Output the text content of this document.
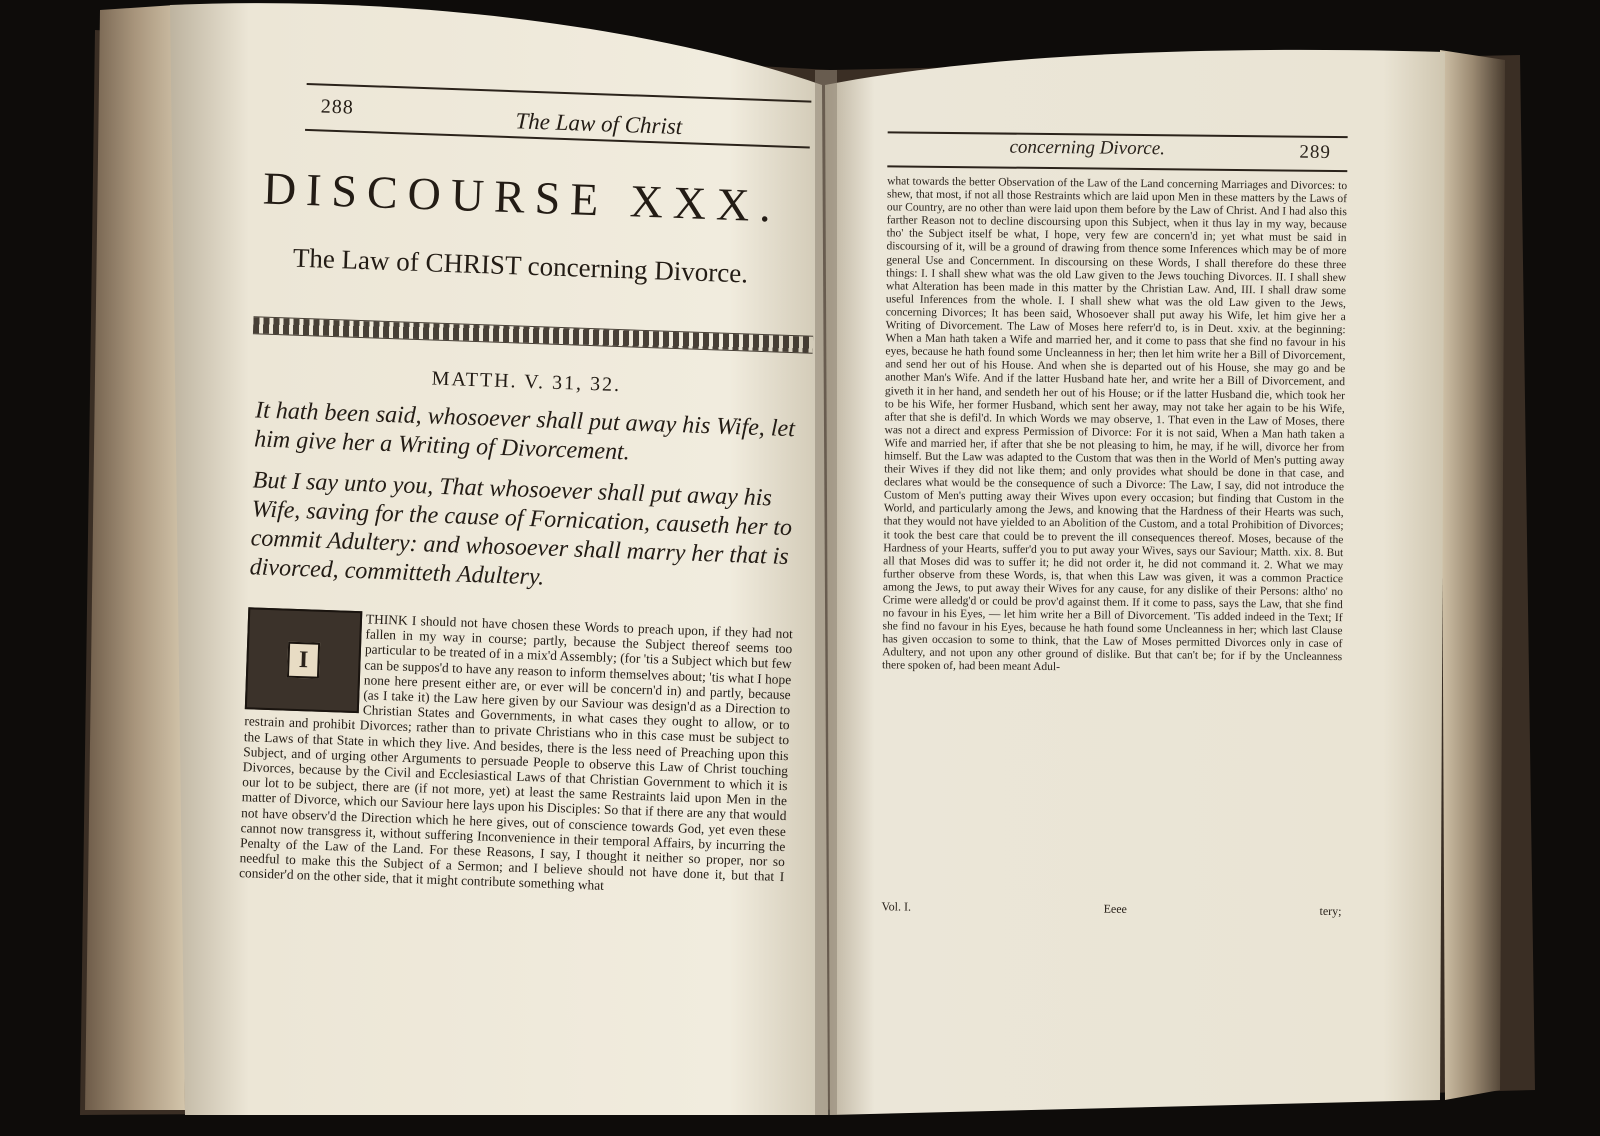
288
The Law of Christ
DISCOURSE XXX.
The Law of CHRIST concerning Divorce.
MATTH. V. 31, 32.
It hath been said, whosoever shall put away his Wife, let him give her a Writing of Divorcement.
But I say unto you, That whosoever shall put away his Wife, saving for the cause of Fornication, causeth her to commit Adultery: and whosoever shall marry her that is divorced, committeth Adultery.
THINK I should not have chosen these Words to preach upon, if they had not fallen in my way in course; partly, because the Subject thereof seems too particular to be treated of in a mix'd Assembly; (for 'tis a Subject which but few can be suppos'd to have any reason to inform themselves about; 'tis what I hope none here present either are, or ever will be concern'd in) and partly, because (as I take it) the Law here given by our Saviour was design'd as a Direction to Christian States and Governments, in what cases they ought to allow, or to restrain and prohibit Divorces; rather than to private Christians who in this case must be subject to the Laws of that State in which they live. And besides, there is the less need of Preaching upon this Subject, and of urging other Arguments to persuade People to observe this Law of Christ touching Divorces, because by the Civil and Ecclesiastical Laws of that Christian Government to which it is our lot to be subject, there are (if not more, yet) at least the same Restraints laid upon Men in the matter of Divorce, which our Saviour here lays upon his Disciples: So that if there are any that would not have observ'd the Direction which he here gives, out of conscience towards God, yet even these cannot now transgress it, without suffering Inconvenience in their temporal Affairs, by incurring the Penalty of the Law of the Land. For these Reasons, I say, I thought it neither so proper, nor so needful to make this the Subject of a Sermon; and I believe should not have done it, but that I consider'd on the other side, that it might contribute something what
I
concerning Divorce.	289
what towards the better Observation of the Law of the Land concerning Marriages and Divorces: to shew, that most, if not all those Restraints which are laid upon Men in these matters by the Laws of our Country, are no other than were laid upon them before by the Law of Christ. And I had also this farther Reason not to decline discoursing upon this Subject, when it thus lay in my way, because tho' the Subject itself be what, I hope, very few are concern'd in; yet what must be said in discoursing of it, will be a ground of drawing from thence some Inferences which may be of more general Use and Concernment. In discoursing on these Words, I shall therefore do these three things: I. I shall shew what was the old Law given to the Jews touching Divorces. II. I shall shew what Alteration has been made in this matter by the Christian Law. And, III. I shall draw some useful Inferences from the whole. I. I shall shew what was the old Law given to the Jews, concerning Divorces; It has been said, Whosoever shall put away his Wife, let him give her a Writing of Divorcement. The Law of Moses here referr'd to, is in Deut. xxiv. at the beginning: When a Man hath taken a Wife and married her, and it come to pass that she find no favour in his eyes, because he hath found some Uncleanness in her; then let him write her a Bill of Divorcement, and send her out of his House. And when she is departed out of his House, she may go and be another Man's Wife. And if the latter Husband hate her, and write her a Bill of Divorcement, and giveth it in her hand, and sendeth her out of his House; or if the latter Husband die, which took her to be his Wife, her former Husband, which sent her away, may not take her again to be his Wife, after that she is defil'd. In which Words we may observe, 1. That even in the Law of Moses, there was not a direct and express Permission of Divorce: For it is not said, When a Man hath taken a Wife and married her, if after that she be not pleasing to him, he may, if he will, divorce her from himself. But the Law was adapted to the Custom that was then in the World of Men's putting away their Wives if they did not like them; and only provides what should be done in that case, and declares what would be the consequence of such a Divorce: The Law, I say, did not introduce the Custom of Men's putting away their Wives upon every occasion; but finding that Custom in the World, and particularly among the Jews, and knowing that the Hardness of their Hearts was such, that they would not have yielded to an Abolition of the Custom, and a total Prohibition of Divorces; it took the best care that could be to prevent the ill consequences thereof. Moses, because of the Hardness of your Hearts, suffer'd you to put away your Wives, says our Saviour; Matth. xix. 8. But all that Moses did was to suffer it; he did not order it, he did not command it. 2. What we may further observe from these Words, is, that when this Law was given, it was a common Practice among the Jews, to put away their Wives for any cause, for any dislike of their Persons: altho' no Crime were alledg'd or could be prov'd against them. If it come to pass, says the Law, that she find no favour in his Eyes, — let him write her a Bill of Divorcement. 'Tis added indeed in the Text; If she find no favour in his Eyes, because he hath found some Uncleanness in her; which last Clause has given occasion to some to think, that the Law of Moses permitted Divorces only in case of Adultery, and not upon any other ground of dislike. But that can't be; for if by the Uncleanness there spoken of, had been meant Adul-
Vol. I.	Eeee	tery;
